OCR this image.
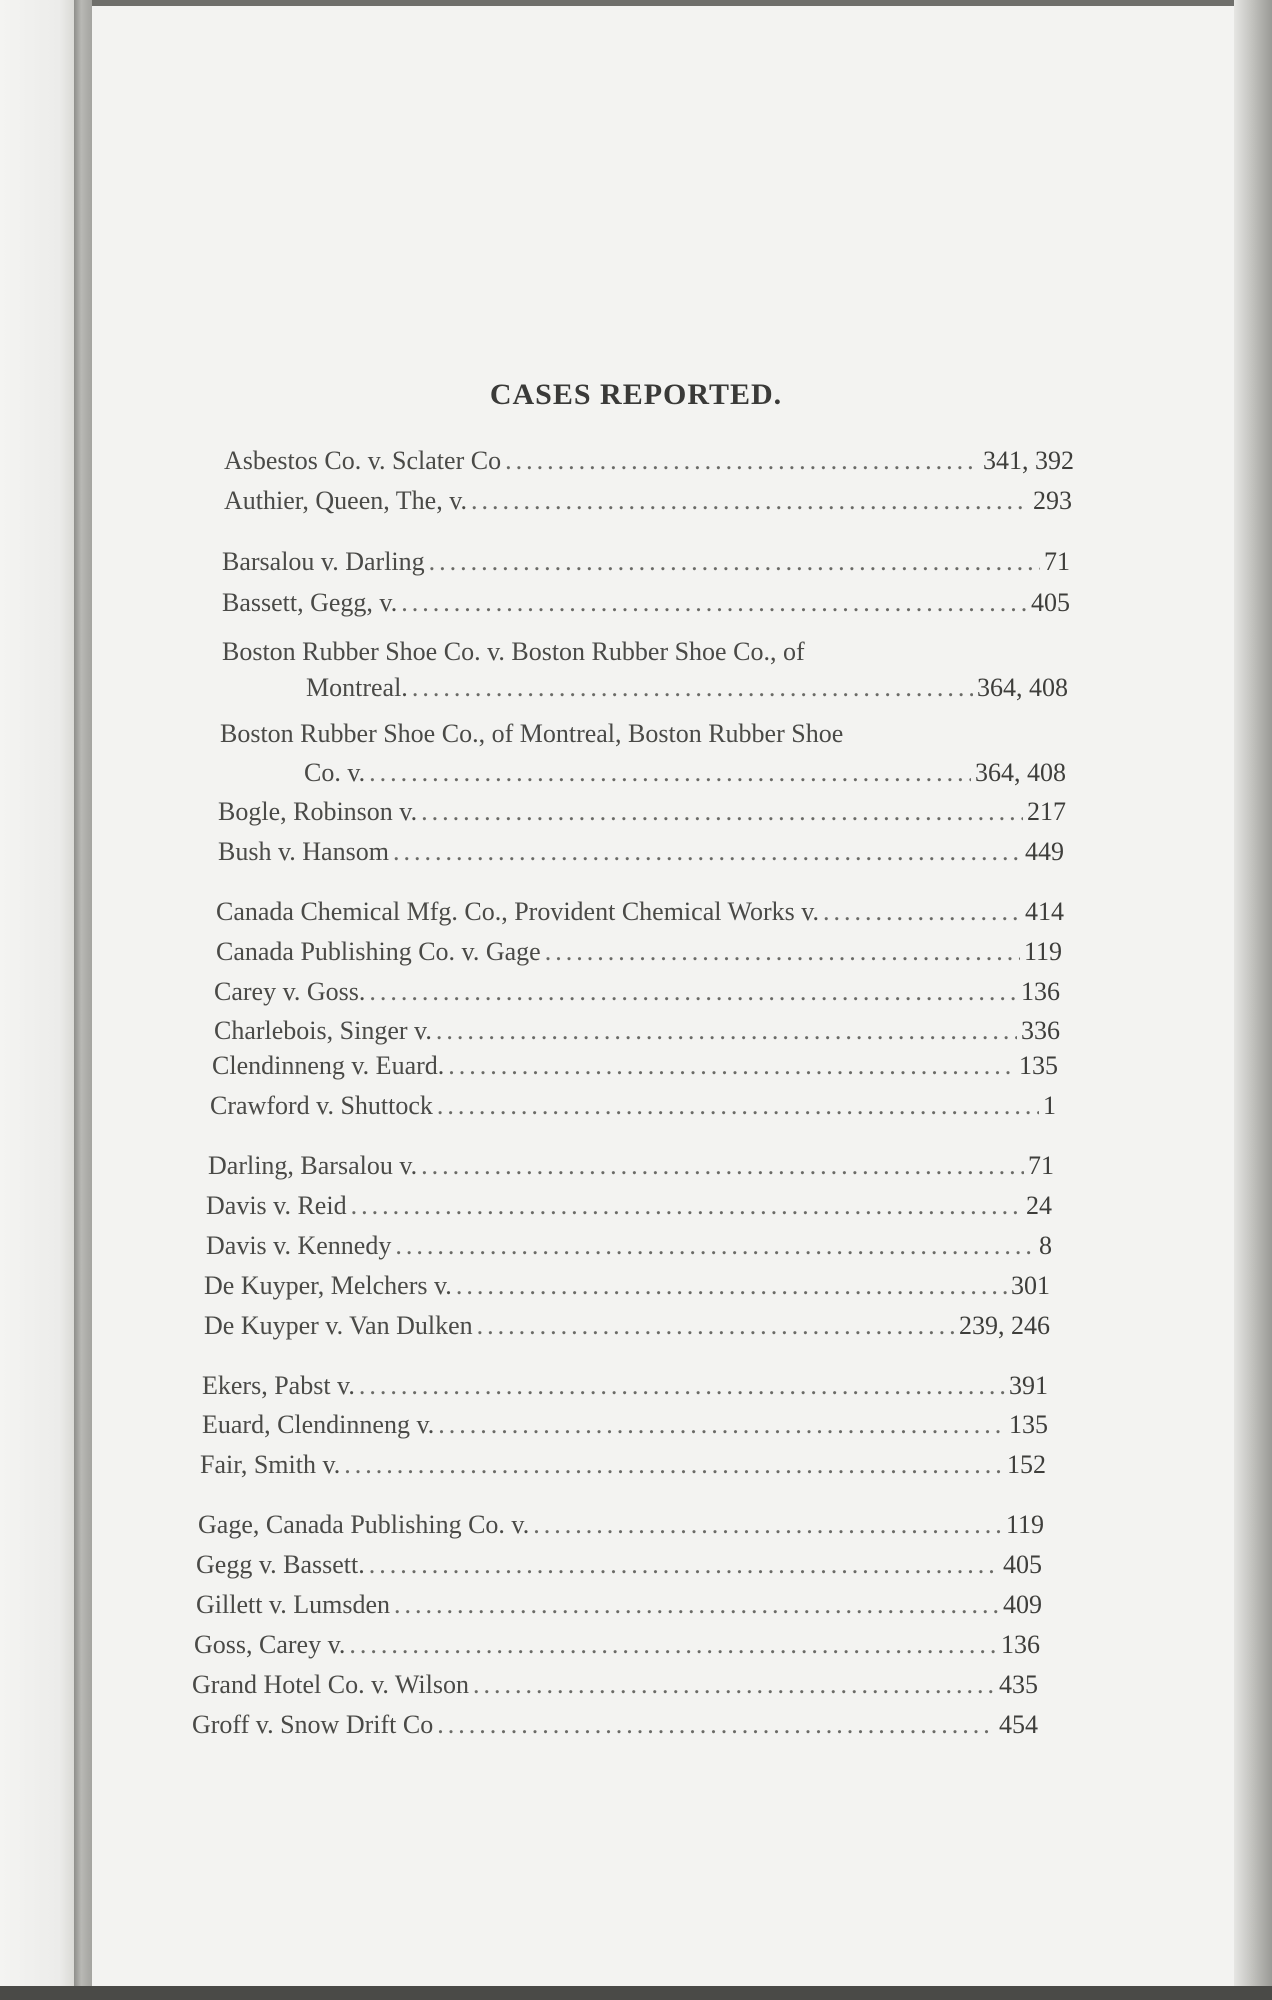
CASES REPORTED.
Asbestos Co. v. Sclater Co .....	341, 392
Authier, Queen, The, v. .....	293
Barsalou v. Darling .....	71
Bassett, Gegg, v. .....	405
Boston Rubber Shoe Co. v. Boston Rubber Shoe Co., of
Montreal. .....	364, 408
Boston Rubber Shoe Co., of Montreal, Boston Rubber Shoe
Co. v. .....	364, 408
Bogle, Robinson v. .....	217
Bush v. Hansom .....	449
Canada Chemical Mfg. Co., Provident Chemical Works v. .....	414
Canada Publishing Co. v. Gage .....	119
Carey v. Goss. .....	136
Charlebois, Singer v. .....	336
Clendinneng v. Euard. .....	135
Crawford v. Shuttock .....	1
Darling, Barsalou v. .....	71
Davis v. Reid .....	24
Davis v. Kennedy .....	8
De Kuyper, Melchers v. .....	301
De Kuyper v. Van Dulken .....	239, 246
Ekers, Pabst v. .....	391
Euard, Clendinneng v. .....	135
Fair, Smith v. .....	152
Gage, Canada Publishing Co. v. .....	119
Gegg v. Bassett. .....	405
Gillett v. Lumsden .....	409
Goss, Carey v. .....	136
Grand Hotel Co. v. Wilson .....	435
Groff v. Snow Drift Co .....	454
